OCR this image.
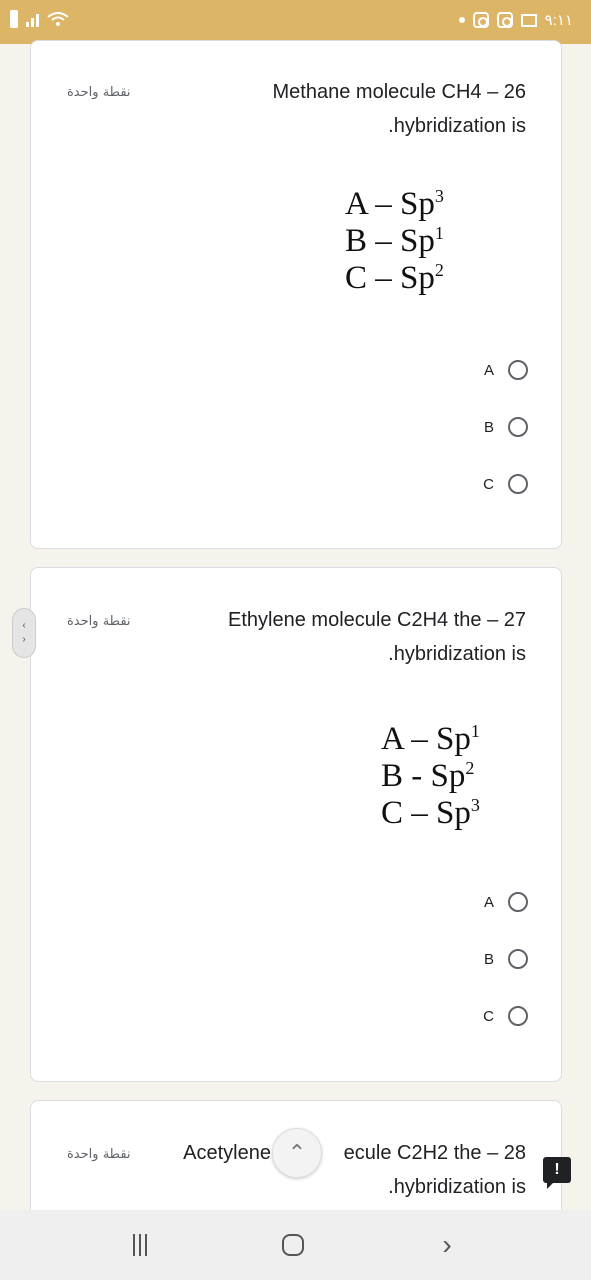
٩:١١
نقطة واحدة	Methane molecule CH4 – 26
.hybridization is
A – Sp$^3$
B – Sp$^1$
C – Sp$^2$
A
B
C
نقطة واحدة	Ethylene molecule C2H4 the – 27
.hybridization is
A – Sp$^1$
B - Sp$^2$
C – Sp$^3$
A
B
C
نقطة واحدة	Acetylene	ecule C2H2 the – 28
.hybridization is
‹
›
⌃
!
›
